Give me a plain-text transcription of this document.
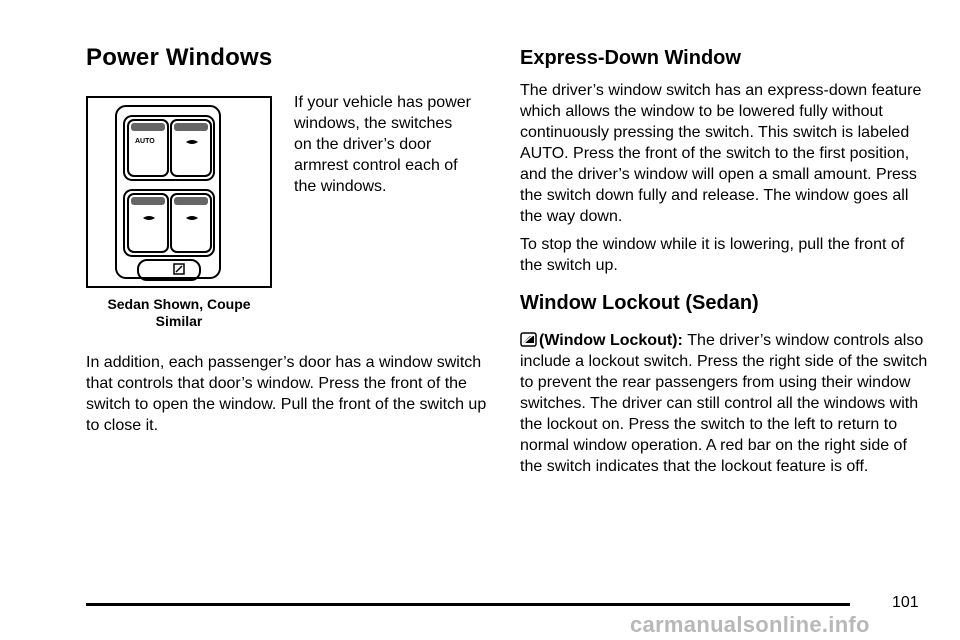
Power Windows
AUTO
Sedan Shown, Coupe Similar
If your vehicle has power windows, the switches on the driver’s door armrest control each of the windows.
In addition, each passenger’s door has a window switch that controls that door’s window. Press the front of the switch to open the window. Pull the front of the switch up to close it.
Express-Down Window

The driver’s window switch has an express-down feature which allows the window to be lowered fully without continuously pressing the switch. This switch is labeled AUTO. Press the front of the switch to the first position, and the driver’s window will open a small amount. Press the switch down fully and release. The window goes all the way down.

To stop the window while it is lowering, pull the front of the switch up.

Window Lockout (Sedan)
(Window Lockout): The driver’s window controls also include a lockout switch. Press the right side of the switch to prevent the rear passengers from using their window switches. The driver can still control all the windows with the lockout on. Press the switch to the left to return to normal window operation. A red bar on the right side of the switch indicates that the lockout feature is off.
101
carmanualsonline.info
